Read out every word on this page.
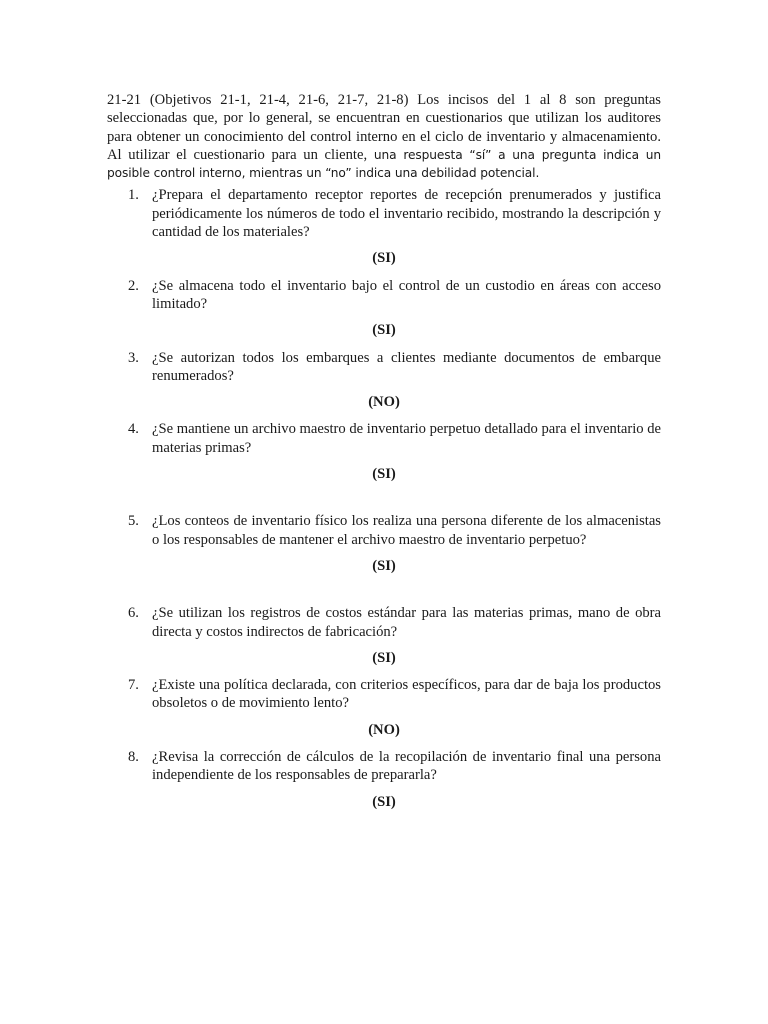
21-21 (Objetivos 21-1, 21-4, 21-6, 21-7, 21-8) Los incisos del 1 al 8 son preguntas seleccionadas que, por lo general, se encuentran en cuestionarios que utilizan los auditores para obtener un conocimiento del control interno en el ciclo de inventario y almacenamiento. Al utilizar el cuestionario para un cliente, una respuesta “sí” a una pregunta indica un posible control interno, mientras un “no” indica una debilidad potencial.

1. ¿Prepara el departamento receptor reportes de recepción prenumerados y justifica periódicamente los números de todo el inventario recibido, mostrando la descripción y cantidad de los materiales?

(SI)

2. ¿Se almacena todo el inventario bajo el control de un custodio en áreas con acceso limitado?

(SI)

3. ¿Se autorizan todos los embarques a clientes mediante documentos de embarque renumerados?

(NO)

4. ¿Se mantiene un archivo maestro de inventario perpetuo detallado para el inventario de materias primas?

(SI)

5. ¿Los conteos de inventario físico los realiza una persona diferente de los almacenistas o los responsables de mantener el archivo maestro de inventario perpetuo?

(SI)

6. ¿Se utilizan los registros de costos estándar para las materias primas, mano de obra directa y costos indirectos de fabricación?

(SI)

7. ¿Existe una política declarada, con criterios específicos, para dar de baja los productos obsoletos o de movimiento lento?

(NO)

8. ¿Revisa la corrección de cálculos de la recopilación de inventario final una persona independiente de los responsables de prepararla?

(SI)
